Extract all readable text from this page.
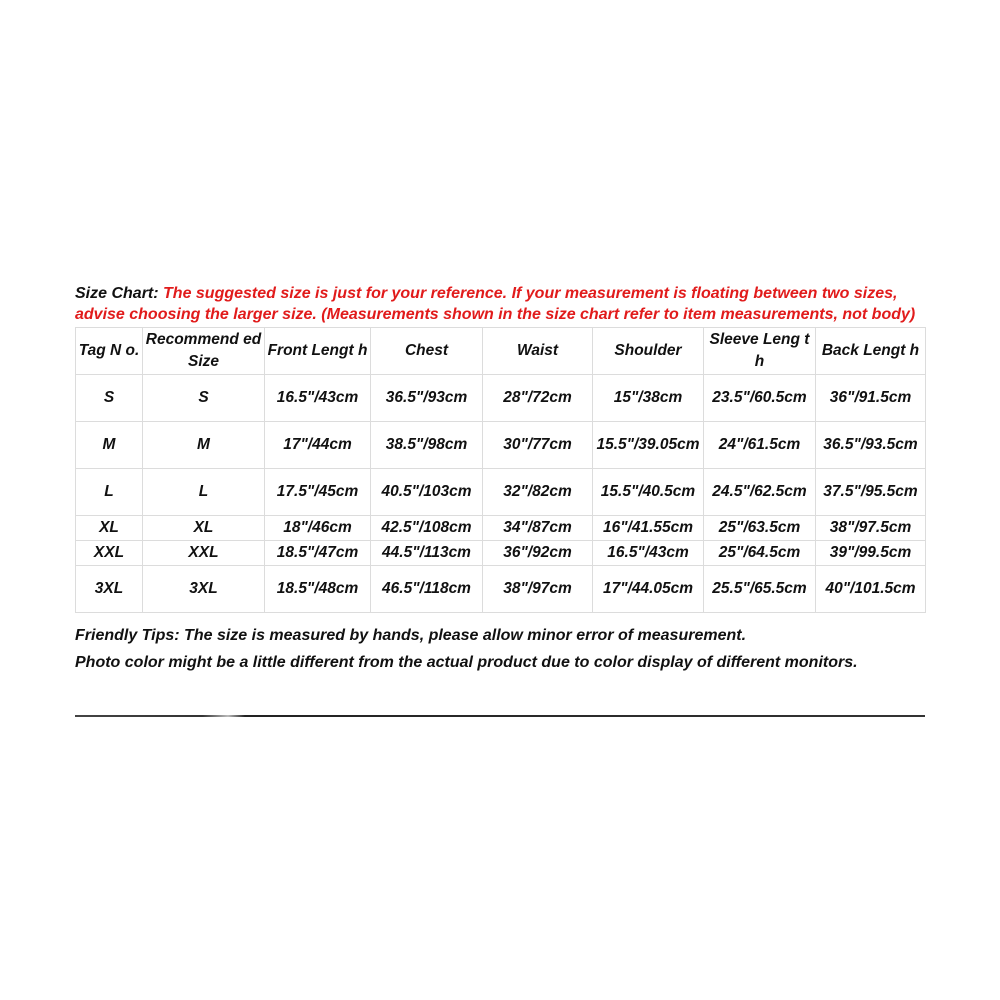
Size Chart: The suggested size is just for your reference. If your measurement is floating between two sizes, advise choosing the larger size. (Measurements shown in the size chart refer to item measurements, not body)

Tag N o.	Recommend ed Size	Front Lengt h	Chest	Waist	Shoulder	Sleeve Leng th	Back Lengt h
S	S	16.5"/43cm	36.5"/93cm	28"/72cm	15"/38cm	23.5"/60.5cm	36"/91.5cm
M	M	17"/44cm	38.5"/98cm	30"/77cm	15.5"/39.05cm	24"/61.5cm	36.5"/93.5cm
L	L	17.5"/45cm	40.5"/103cm	32"/82cm	15.5"/40.5cm	24.5"/62.5cm	37.5"/95.5cm
XL	XL	18"/46cm	42.5"/108cm	34"/87cm	16"/41.55cm	25"/63.5cm	38"/97.5cm
XXL	XXL	18.5"/47cm	44.5"/113cm	36"/92cm	16.5"/43cm	25"/64.5cm	39"/99.5cm
3XL	3XL	18.5"/48cm	46.5"/118cm	38"/97cm	17"/44.05cm	25.5"/65.5cm	40"/101.5cm

Friendly Tips: The size is measured by hands, please allow minor error of measurement.

Photo color might be a little different from the actual product due to color display of different monitors.
